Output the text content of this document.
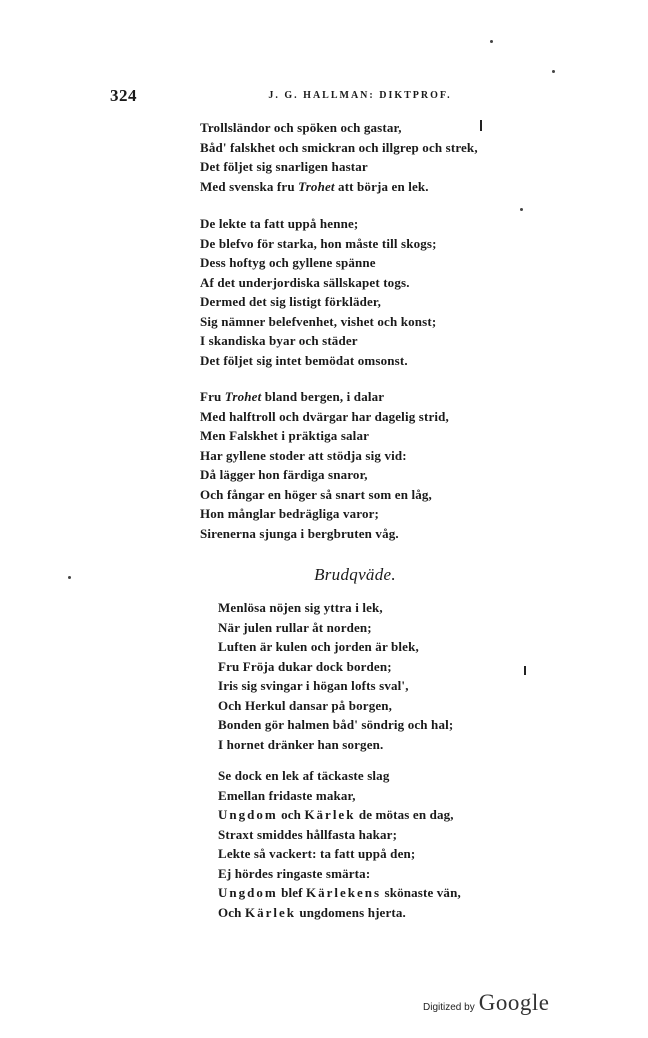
324	J. G. HALLMAN: DIKTPROF.
Trollsländor och spöken och gastar,
Båd' falskhet och smickran och illgrep och strek,
Det följet sig snarligen hastar
Med svenska fru Trohet att börja en lek.
De lekte ta fatt uppå henne;
De blefvo för starka, hon måste till skogs;
Dess hoftyg och gyllene spänne
Af det underjordiska sällskapet togs.
Dermed det sig listigt förkläder,
Sig nämner belefvenhet, vishet och konst;
I skandiska byar och städer
Det följet sig intet bemödat omsonst.
Fru Trohet bland bergen, i dalar
Med halftroll och dvärgar har dagelig strid,
Men Falskhet i präktiga salar
Har gyllene stoder att stödja sig vid:
Då lägger hon färdiga snaror,
Och fångar en höger så snart som en låg,
Hon månglar bedrägliga varor;
Sirenerna sjunga i bergbruten våg.
Brudqväde.
Menlösa nöjen sig yttra i lek,
När julen rullar åt norden;
Luften är kulen och jorden är blek,
Fru Fröja dukar dock borden;
Iris sig svingar i högan lofts sval',
Och Herkul dansar på borgen,
Bonden gör halmen båd' söndrig och hal;
I hornet dränker han sorgen.
Se dock en lek af täckaste slag
Emellan fridaste makar,
Ungdom och Kärlek de mötas en dag,
Straxt smiddes hållfasta hakar;
Lekte så vackert: ta fatt uppå den;
Ej hördes ringaste smärta:
Ungdom blef Kärlekens skönaste vän,
Och Kärlek ungdomens hjerta.
Digitized by Google
